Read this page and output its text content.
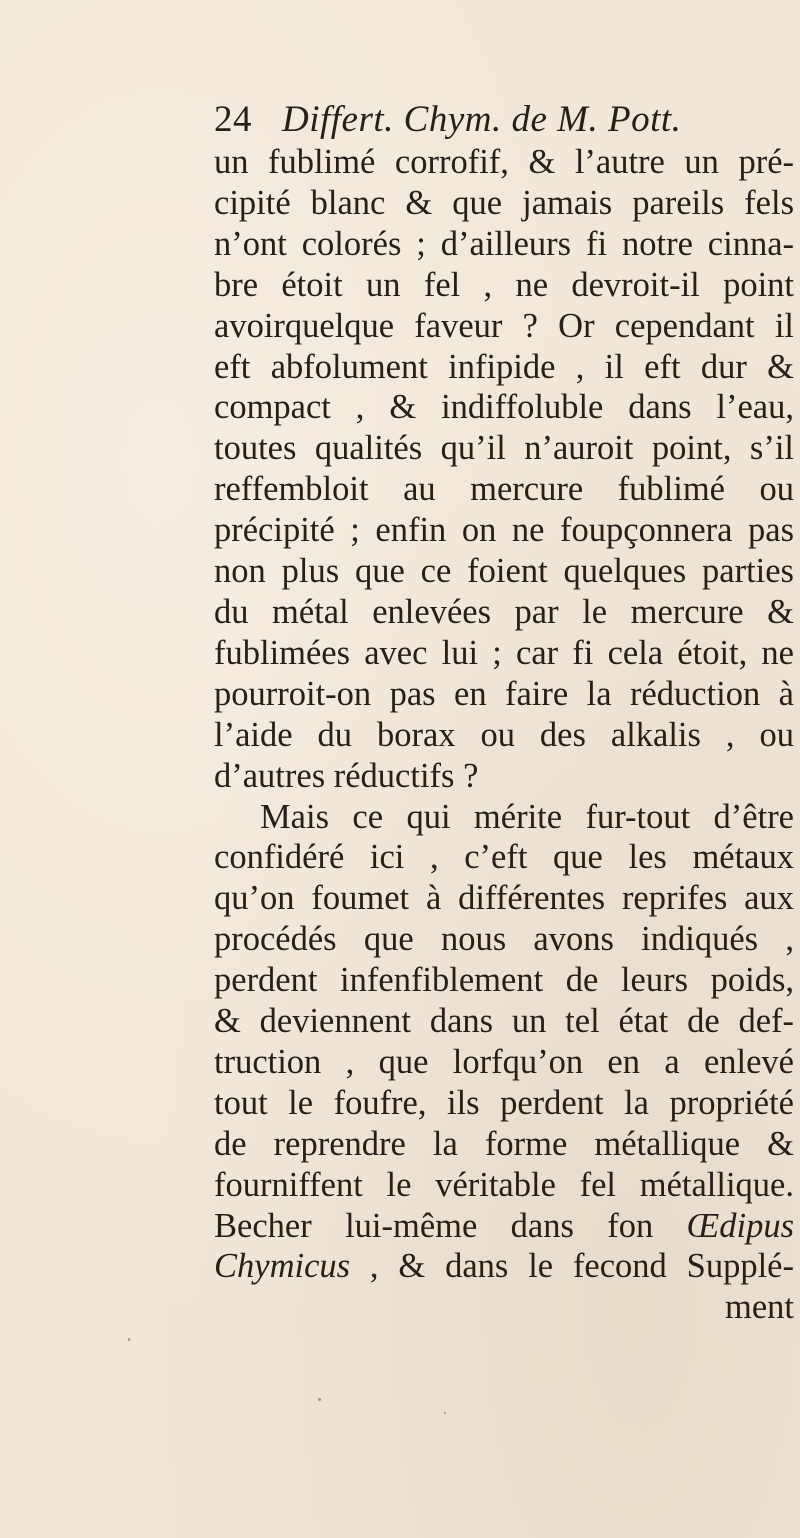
24 Differt. Chym. de M. Pott.
un fublimé corrofif, & l’autre un pré-
cipité blanc & que jamais pareils fels
n’ont colorés ; d’ailleurs fi notre cinna-
bre étoit un fel , ne devroit-il point
avoirquelque faveur ? Or cependant il
eft abfolument infipide , il eft dur &
compact , & indiffoluble dans l’eau,
toutes qualités qu’il n’auroit point, s’il
reffembloit au mercure fublimé ou
précipité ; enfin on ne foupçonnera pas
non plus que ce foient quelques parties
du métal enlevées par le mercure &
fublimées avec lui ; car fi cela étoit, ne
pourroit-on pas en faire la réduction à
l’aide du borax ou des alkalis , ou
d’autres réductifs ?
Mais ce qui mérite fur-tout d’être
confidéré ici , c’eft que les métaux
qu’on foumet à différentes reprifes aux
procédés que nous avons indiqués ,
perdent infenfiblement de leurs poids,
& deviennent dans un tel état de def-
truction , que lorfqu’on en a enlevé
tout le foufre, ils perdent la propriété
de reprendre la forme métallique &
fourniffent le véritable fel métallique.
Becher lui-même dans fon Œdipus
Chymicus , & dans le fecond Supplé-
ment
